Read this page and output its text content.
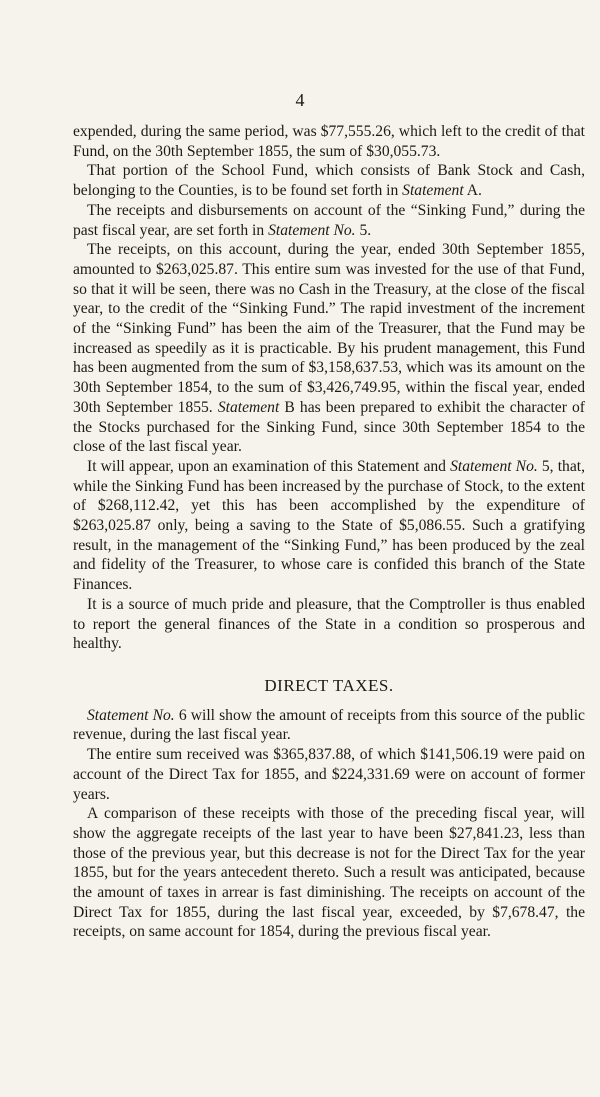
4

expended, during the same period, was $77,555.26, which left to the credit of that Fund, on the 30th September 1855, the sum of $30,055.73.

That portion of the School Fund, which consists of Bank Stock and Cash, belonging to the Counties, is to be found set forth in Statement A.

The receipts and disbursements on account of the “Sinking Fund,” during the past fiscal year, are set forth in Statement No. 5.

The receipts, on this account, during the year, ended 30th September 1855, amounted to $263,025.87. This entire sum was invested for the use of that Fund, so that it will be seen, there was no Cash in the Treasury, at the close of the fiscal year, to the credit of the “Sinking Fund.” The rapid investment of the increment of the “Sinking Fund” has been the aim of the Treasurer, that the Fund may be increased as speedily as it is practicable. By his prudent management, this Fund has been augmented from the sum of $3,158,637.53, which was its amount on the 30th September 1854, to the sum of $3,426,749.95, within the fiscal year, ended 30th September 1855. Statement B has been prepared to exhibit the character of the Stocks purchased for the Sinking Fund, since 30th September 1854 to the close of the last fiscal year.

It will appear, upon an examination of this Statement and Statement No. 5, that, while the Sinking Fund has been increased by the purchase of Stock, to the extent of $268,112.42, yet this has been accomplished by the expenditure of $263,025.87 only, being a saving to the State of $5,086.55. Such a gratifying result, in the management of the “Sinking Fund,” has been produced by the zeal and fidelity of the Treasurer, to whose care is confided this branch of the State Finances.

It is a source of much pride and pleasure, that the Comptroller is thus enabled to report the general finances of the State in a condition so prosperous and healthy.

DIRECT TAXES.

Statement No. 6 will show the amount of receipts from this source of the public revenue, during the last fiscal year.

The entire sum received was $365,837.88, of which $141,506.19 were paid on account of the Direct Tax for 1855, and $224,331.69 were on account of former years.

A comparison of these receipts with those of the preceding fiscal year, will show the aggregate receipts of the last year to have been $27,841.23, less than those of the previous year, but this decrease is not for the Direct Tax for the year 1855, but for the years antecedent thereto. Such a result was anticipated, because the amount of taxes in arrear is fast diminishing. The receipts on account of the Direct Tax for 1855, during the last fiscal year, exceeded, by $7,678.47, the receipts, on same account for 1854, during the previous fiscal year.
